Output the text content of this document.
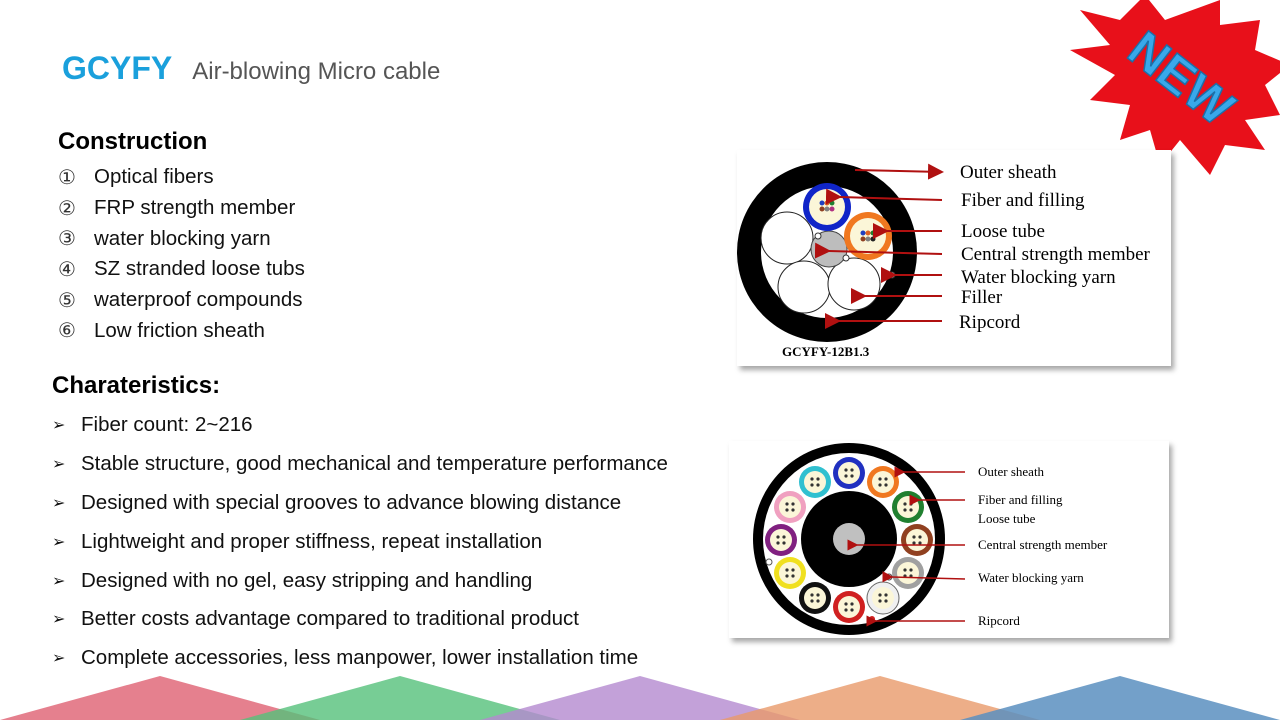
NEW
GCYFY Air-blowing Micro cable
Construction
① Optical fibers
② FRP strength member
③ water blocking yarn
④ SZ stranded loose tubs
⑤ waterproof compounds
⑥ Low friction sheath
Charateristics:
➢ Fiber count: 2~216
➢ Stable structure, good mechanical and temperature performance
➢ Designed with special grooves to advance blowing distance
➢ Lightweight and proper stiffness, repeat installation
➢ Designed with no gel, easy stripping and handling
➢ Better costs advantage compared to traditional product
➢ Complete accessories, less manpower, lower installation time
Outer sheath
Fiber and filling
Loose tube
Central strength member
Water blocking yarn
Filler
Ripcord
GCYFY-12B1.3
Outer sheath
Fiber and filling
Loose tube
Central strength member
Water blocking yarn
Ripcord
